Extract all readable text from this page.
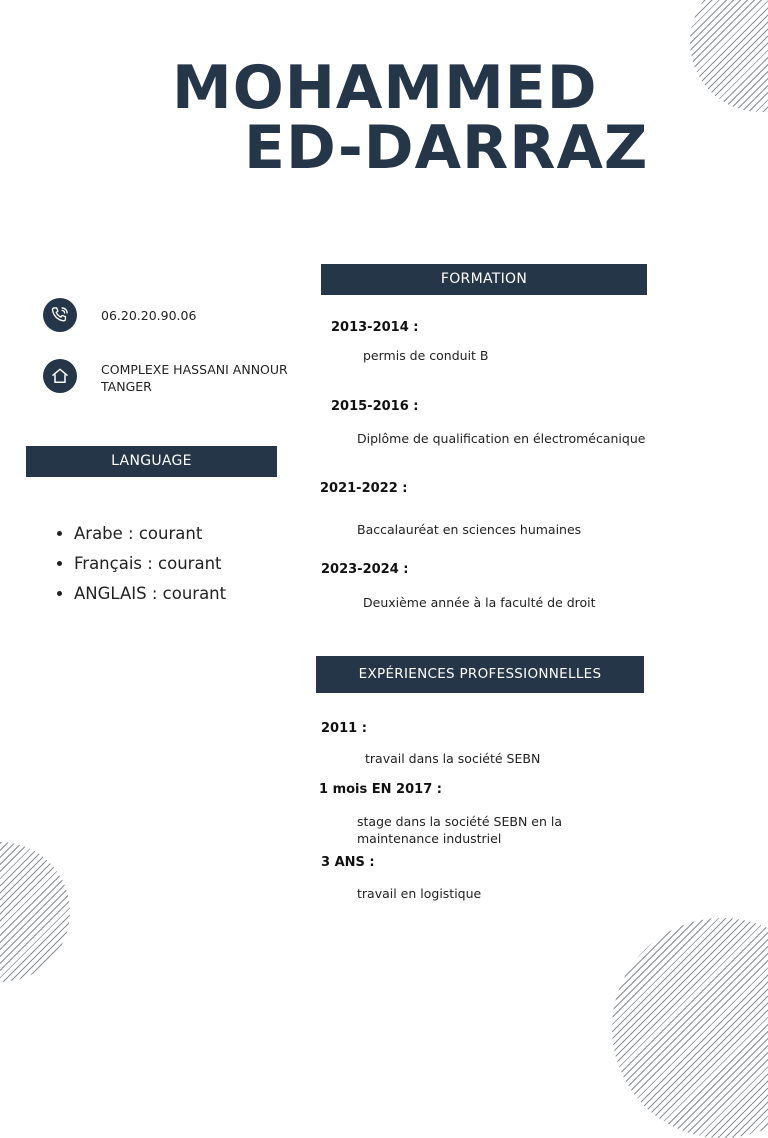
MOHAMMED
ED-DARRAZ
06.20.20.90.06
COMPLEXE HASSANI ANNOUR
TANGER
LANGUAGE
• Arabe : courant
• Français : courant
• ANGLAIS : courant
FORMATION
2013-2014 :
permis de conduit B
2015-2016 :
Diplôme de qualification en électromécanique
2021-2022 :
Baccalauréat en sciences humaines
2023-2024 :
Deuxième année à la faculté de droit
EXPÉRIENCES PROFESSIONNELLES
2011 :
travail dans la société SEBN
1 mois EN 2017 :
stage dans la société SEBN en la maintenance industriel
3 ANS :
travail en logistique
